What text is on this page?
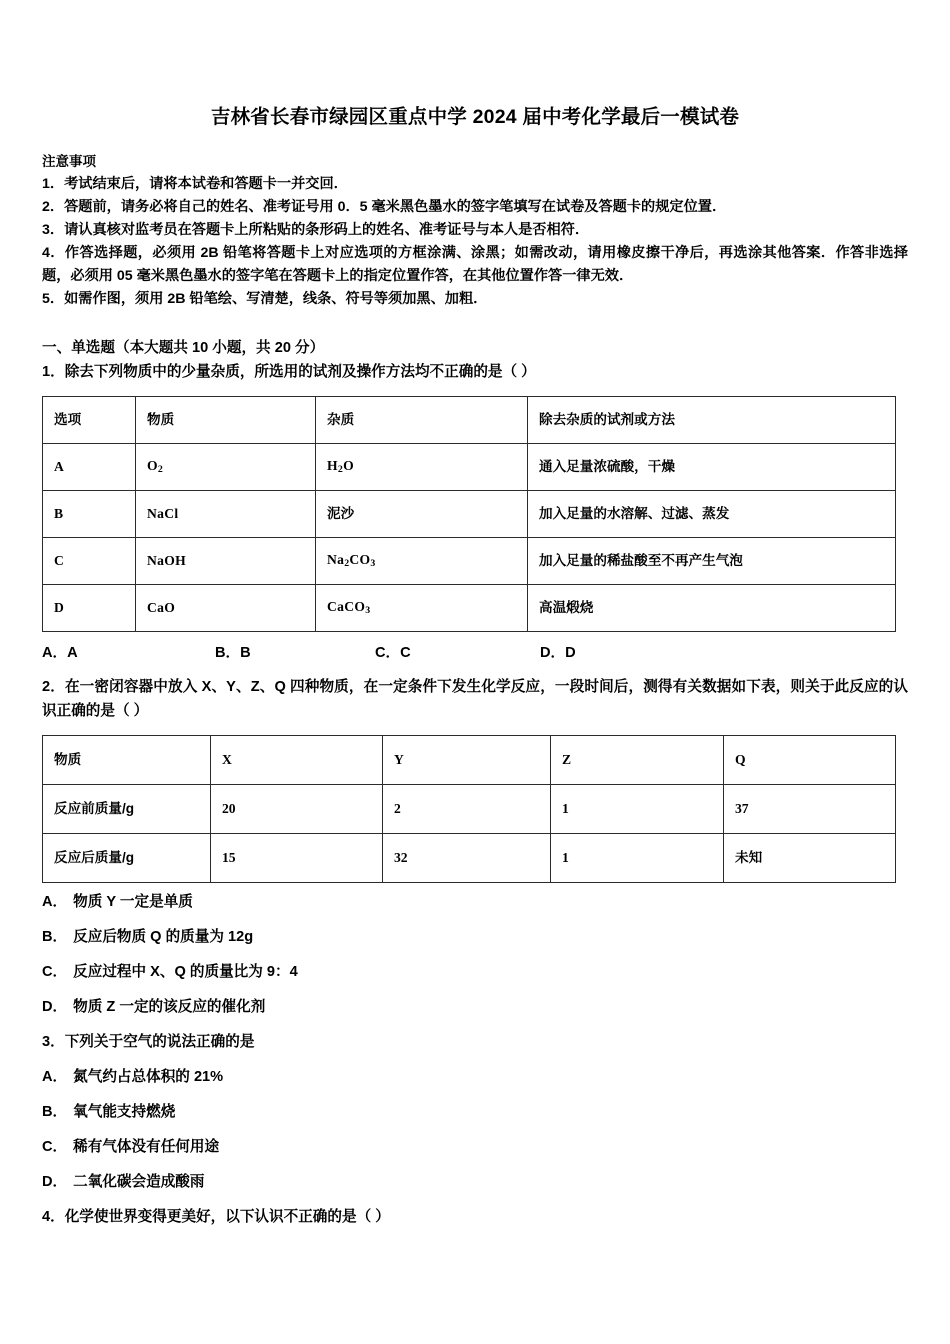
吉林省长春市绿园区重点中学 2024 届中考化学最后一模试卷
注意事项

1．考试结束后，请将本试卷和答题卡一并交回．

2．答题前，请务必将自己的姓名、准考证号用 0．5 毫米黑色墨水的签字笔填写在试卷及答题卡的规定位置．

3．请认真核对监考员在答题卡上所粘贴的条形码上的姓名、准考证号与本人是否相符．

4．作答选择题，必须用 2B 铅笔将答题卡上对应选项的方框涂满、涂黑；如需改动，请用橡皮擦干净后，再选涂其他答案．作答非选择题，必须用 05 毫米黑色墨水的签字笔在答题卡上的指定位置作答，在其他位置作答一律无效．

5．如需作图，须用 2B 铅笔绘、写清楚，线条、符号等须加黑、加粗．

一、单选题（本大题共 10 小题，共 20 分）

1．除去下列物质中的少量杂质，所选用的试剂及操作方法均不正确的是（ ）

选项	物质	杂质	除去杂质的试剂或方法
A	$O_2$	$H_2O$	通入足量浓硫酸，干燥
B	NaCl	泥沙	加入足量的水溶解、过滤、蒸发
C	NaOH	$Na_2CO_3$	加入足量的稀盐酸至不再产生气泡
D	CaO	CaCO$_3$	高温煅烧
A．A	B．B	C．C	D．D

2．在一密闭容器中放入 X、Y、Z、Q 四种物质，在一定条件下发生化学反应，一段时间后，测得有关数据如下表，则关于此反应的认识正确的是（ ）

物质	X	Y	Z	Q
反应前质量/g	20	2	1	37
反应后质量/g	15	32	1	未知

A． 物质 Y 一定是单质

B． 反应后物质 Q 的质量为 12g

C． 反应过程中 X、Q 的质量比为 9：4

D． 物质 Z 一定的该反应的催化剂

3．下列关于空气的说法正确的是

A． 氮气约占总体积的 21%

B． 氧气能支持燃烧

C． 稀有气体没有任何用途

D． 二氧化碳会造成酸雨

4．化学使世界变得更美好，以下认识不正确的是（ ）
